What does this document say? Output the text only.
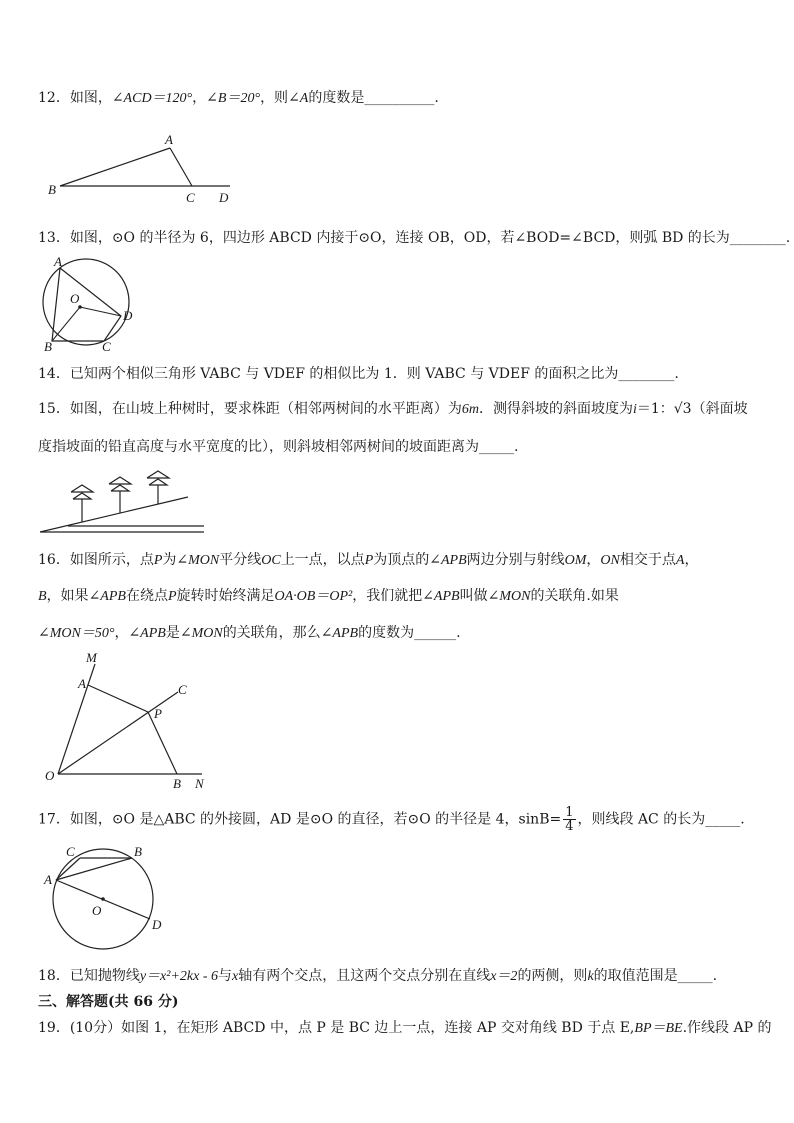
12．如图，∠ACD＝120°，∠B＝20°，则∠A的度数是__________.
A
B
C D
13．如图，⊙O 的半径为 6，四边形 ABCD 内接于⊙O，连接 OB，OD，若∠BOD=∠BCD，则弧 BD 的长为________.
A
O
D
B	C
14．已知两个相似三角形 VABC 与 VDEF 的相似比为 1．则 VABC 与 VDEF 的面积之比为________.
15．如图，在山坡上种树时，要求株距（相邻两树间的水平距离）为6m．测得斜坡的斜面坡度为i＝1：√3（斜面坡
度指坡面的铅直高度与水平宽度的比），则斜坡相邻两树间的坡面距离为_____.
16．如图所示，点P为∠MON平分线OC上一点，以点P为顶点的∠APB两边分别与射线OM，ON相交于点A，
B，如果∠APB在绕点P旋转时始终满足OA·OB＝OP²，我们就把∠APB叫做∠MON的关联角.如果
∠MON＝50°，∠APB是∠MON的关联角，那么∠APB的度数为______.
M
A	C
P
O
B N
17．如图，⊙O 是△ABC 的外接圆，AD 是⊙O 的直径，若⊙O 的半径是 4，$\sin B= \frac{1}{4}$ ，则线段 AC 的长为_____.
C	B
A
O
D
18．已知抛物线y＝x²+2kx - 6与x轴有两个交点，且这两个交点分别在直线x＝2的两侧，则k的取值范围是_____.
三、解答题(共 66 分)
19．(10分）如图 1，在矩形 ABCD 中，点 P 是 BC 边上一点，连接 AP 交对角线 BD 于点 E,BP＝BE.作线段 AP 的
